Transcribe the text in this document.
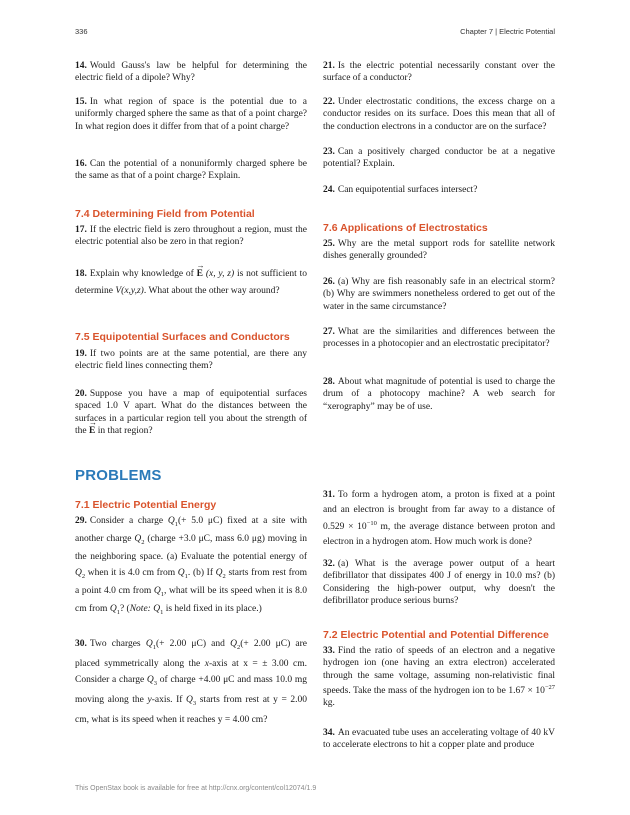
336	Chapter 7 | Electric Potential

14. Would Gauss's law be helpful for determining the electric field of a dipole? Why?

15. In what region of space is the potential due to a uniformly charged sphere the same as that of a point charge? In what region does it differ from that of a point charge?

16. Can the potential of a nonuniformly charged sphere be the same as that of a point charge? Explain.

7.4 Determining Field from Potential

17. If the electric field is zero throughout a region, must the electric potential also be zero in that region?

18. Explain why knowledge of → E (x, y, z) is not sufficient to determine V(x,y,z). What about the other way around?

7.5 Equipotential Surfaces and Conductors

19. If two points are at the same potential, are there any electric field lines connecting them?

20. Suppose you have a map of equipotential surfaces spaced 1.0 V apart. What do the distances between the surfaces in a particular region tell you about the strength of the → E in that region?

21. Is the electric potential necessarily constant over the surface of a conductor?

22. Under electrostatic conditions, the excess charge on a conductor resides on its surface. Does this mean that all of the conduction electrons in a conductor are on the surface?

23. Can a positively charged conductor be at a negative potential? Explain.

24. Can equipotential surfaces intersect?

7.6 Applications of Electrostatics

25. Why are the metal support rods for satellite network dishes generally grounded?

26. (a) Why are fish reasonably safe in an electrical storm? (b) Why are swimmers nonetheless ordered to get out of the water in the same circumstance?

27. What are the similarities and differences between the processes in a photocopier and an electrostatic precipitator?

28. About what magnitude of potential is used to charge the drum of a photocopy machine? A web search for “xerography” may be of use.

PROBLEMS
7.1 Electric Potential Energy

29. Consider a charge $Q_1(+ 5.0$ μC) fixed at a site with another charge $Q_2$ (charge +3.0 μC, mass 6.0 μg) moving in the neighboring space. (a) Evaluate the potential energy of $Q_2$ when it is 4.0 cm from $Q_1$. (b) If $Q_2$ starts from rest from a point 4.0 cm from $Q_1$, what will be its speed when it is 8.0 cm from $Q_1$? (Note: $Q_1$ is held fixed in its place.)

30. Two charges $Q_1(+ 2.00$ μC) and $Q_2(+ 2.00$ μC) are placed symmetrically along the x-axis at x = ± 3.00 cm. Consider a charge $Q_3$ of charge +4.00 μC and mass 10.0 mg moving along the y-axis. If $Q_3$ starts from rest at y = 2.00 cm, what is its speed when it reaches y = 4.00 cm?

31. To form a hydrogen atom, a proton is fixed at a point and an electron is brought from far away to a distance of $0.529 \times 10^{-10}$ m, the average distance between proton and electron in a hydrogen atom. How much work is done?

32. (a) What is the average power output of a heart defibrillator that dissipates 400 J of energy in 10.0 ms? (b) Considering the high-power output, why doesn't the defibrillator produce serious burns?

7.2 Electric Potential and Potential Difference

33. Find the ratio of speeds of an electron and a negative hydrogen ion (one having an extra electron) accelerated through the same voltage, assuming non-relativistic final speeds. Take the mass of the hydrogen ion to be $1.67 \times 10^{-27}$ kg.

34. An evacuated tube uses an accelerating voltage of 40 kV to accelerate electrons to hit a copper plate and produce

This OpenStax book is available for free at http://cnx.org/content/col12074/1.9
